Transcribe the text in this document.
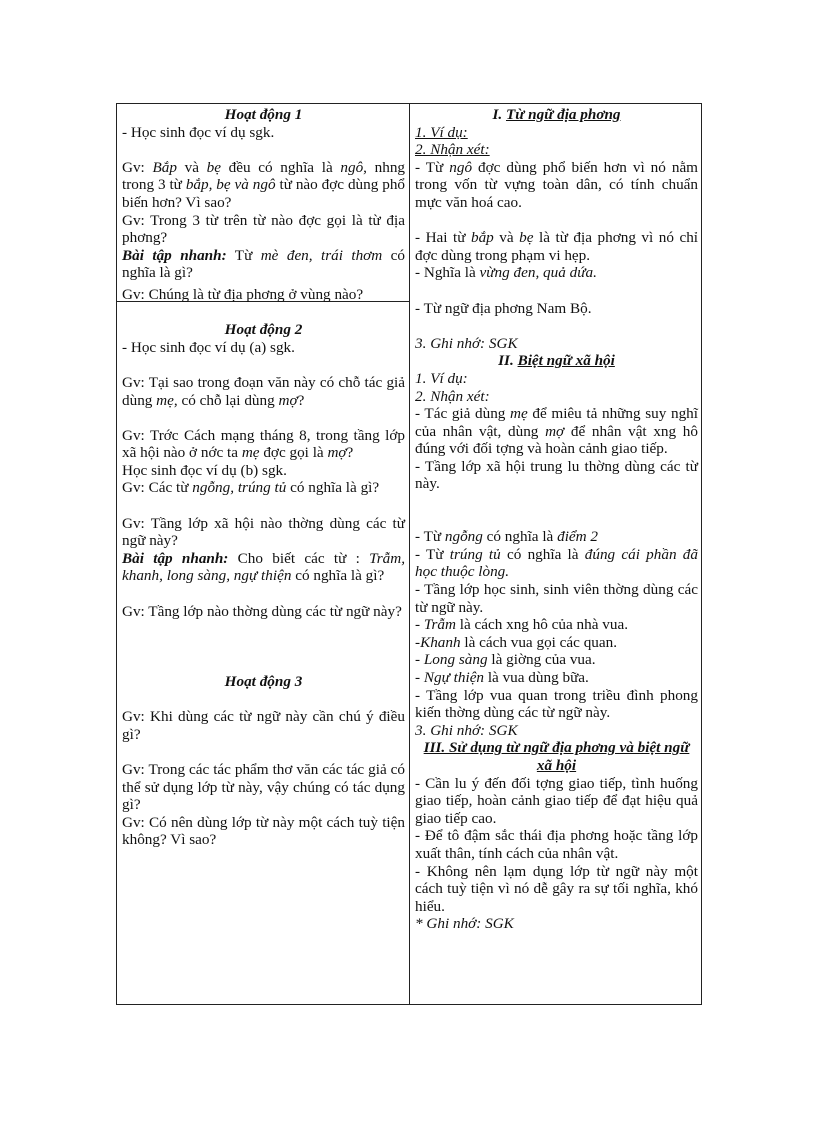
Hoạt động 1

- Học sinh đọc ví dụ sgk.

Gv: Bắp và bẹ đều có nghĩa là ngô, nhng trong 3 từ bắp, bẹ và ngô từ nào đợc dùng phổ biến hơn? Vì sao?

Gv: Trong 3 từ trên từ nào đợc gọi là từ địa phơng?

Bài tập nhanh: Từ mè đen, trái thơm có nghĩa là gì?

Gv: Chúng là từ địa phơng ở vùng nào?

Hoạt động 2

- Học sinh đọc ví dụ (a) sgk.

Gv: Tại sao trong đoạn văn này có chỗ tác giả dùng mẹ, có chỗ lại dùng mợ?

Gv: Trớc Cách mạng tháng 8, trong tầng lớp xã hội nào ở nớc ta mẹ đợc gọi là mợ?

Học sinh đọc ví dụ (b) sgk.

Gv: Các từ ngỗng, trúng tủ có nghĩa là gì?

Gv: Tầng lớp xã hội nào thờng dùng các từ ngữ này?

Bài tập nhanh: Cho biết các từ : Trẫm, khanh, long sàng, ngự thiện có nghĩa là gì?

Gv: Tầng lớp nào thờng dùng các từ ngữ này?

Hoạt động 3

Gv: Khi dùng các từ ngữ này cần chú ý điều gì?

Gv: Trong các tác phẩm thơ văn các tác giả có thể sử dụng lớp từ này, vậy chúng có tác dụng gì?

Gv: Có nên dùng lớp từ này một cách tuỳ tiện không? Vì sao?

I. Từ ngữ địa phơng

1. Ví dụ:

2. Nhận xét:

- Từ ngô đợc dùng phổ biến hơn vì nó nằm trong vốn từ vựng toàn dân, có tính chuẩn mực văn hoá cao.

- Hai từ bắp và bẹ là từ địa phơng vì nó chỉ đợc dùng trong phạm vi hẹp.

- Nghĩa là vừng đen, quả dứa.

- Từ ngữ địa phơng Nam Bộ.

3. Ghi nhớ: SGK

II. Biệt ngữ xã hội

1. Ví dụ:

2. Nhận xét:

- Tác giả dùng mẹ để miêu tả những suy nghĩ của nhân vật, dùng mợ để nhân vật xng hô đúng với đối tợng và hoàn cảnh giao tiếp.

- Tầng lớp xã hội trung lu thờng dùng các từ này.

- Từ ngỗng có nghĩa là điểm 2

- Từ trúng tủ có nghĩa là đúng cái phần đã học thuộc lòng.

- Tầng lớp học sinh, sinh viên thờng dùng các từ ngữ này.

- Trẫm là cách xng hô của nhà vua.

-Khanh là cách vua gọi các quan.

- Long sàng là giờng của vua.

- Ngự thiện là vua dùng bữa.

- Tầng lớp vua quan trong triều đình phong kiến thờng dùng các từ ngữ này.

3. Ghi nhớ: SGK

III. Sử dụng từ ngữ địa phơng và biệt ngữ xã hội

- Cần lu ý đến đối tợng giao tiếp, tình huống giao tiếp, hoàn cảnh giao tiếp để đạt hiệu quả giao tiếp cao.

- Để tô đậm sắc thái địa phơng hoặc tầng lớp xuất thân, tính cách của nhân vật.

- Không nên lạm dụng lớp từ ngữ này một cách tuỳ tiện vì nó dễ gây ra sự tối nghĩa, khó hiểu.

* Ghi nhớ: SGK
